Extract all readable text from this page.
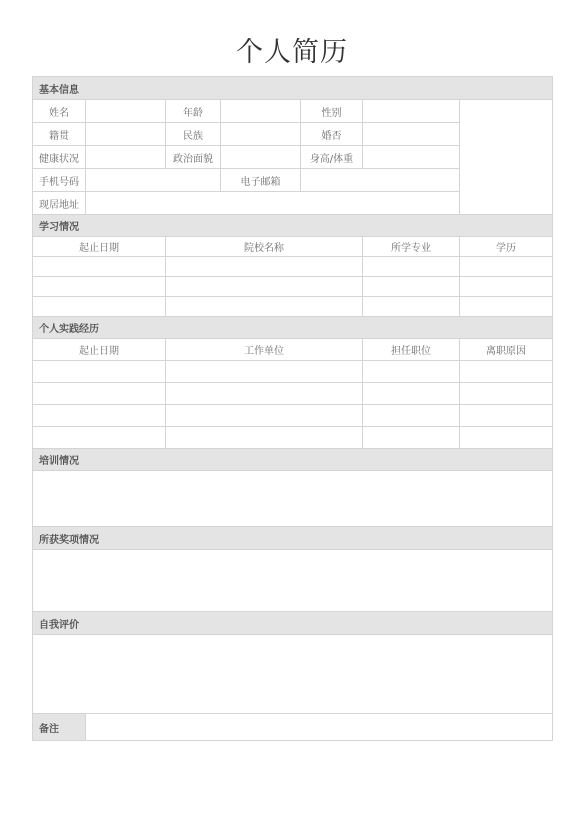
个人简历
基本信息						
姓名		年龄		性别		
籍贯		民族		婚否		
健康状况		政治面貌		身高/体重		
手机号码			电子邮箱			
现居地址						
学习情况						
起止日期		院校名称			所学专业	学历

个人实践经历						
起止日期		工作单位			担任职位	离职原因

培训情况						

所获奖项情况						

自我评价						

备注						
